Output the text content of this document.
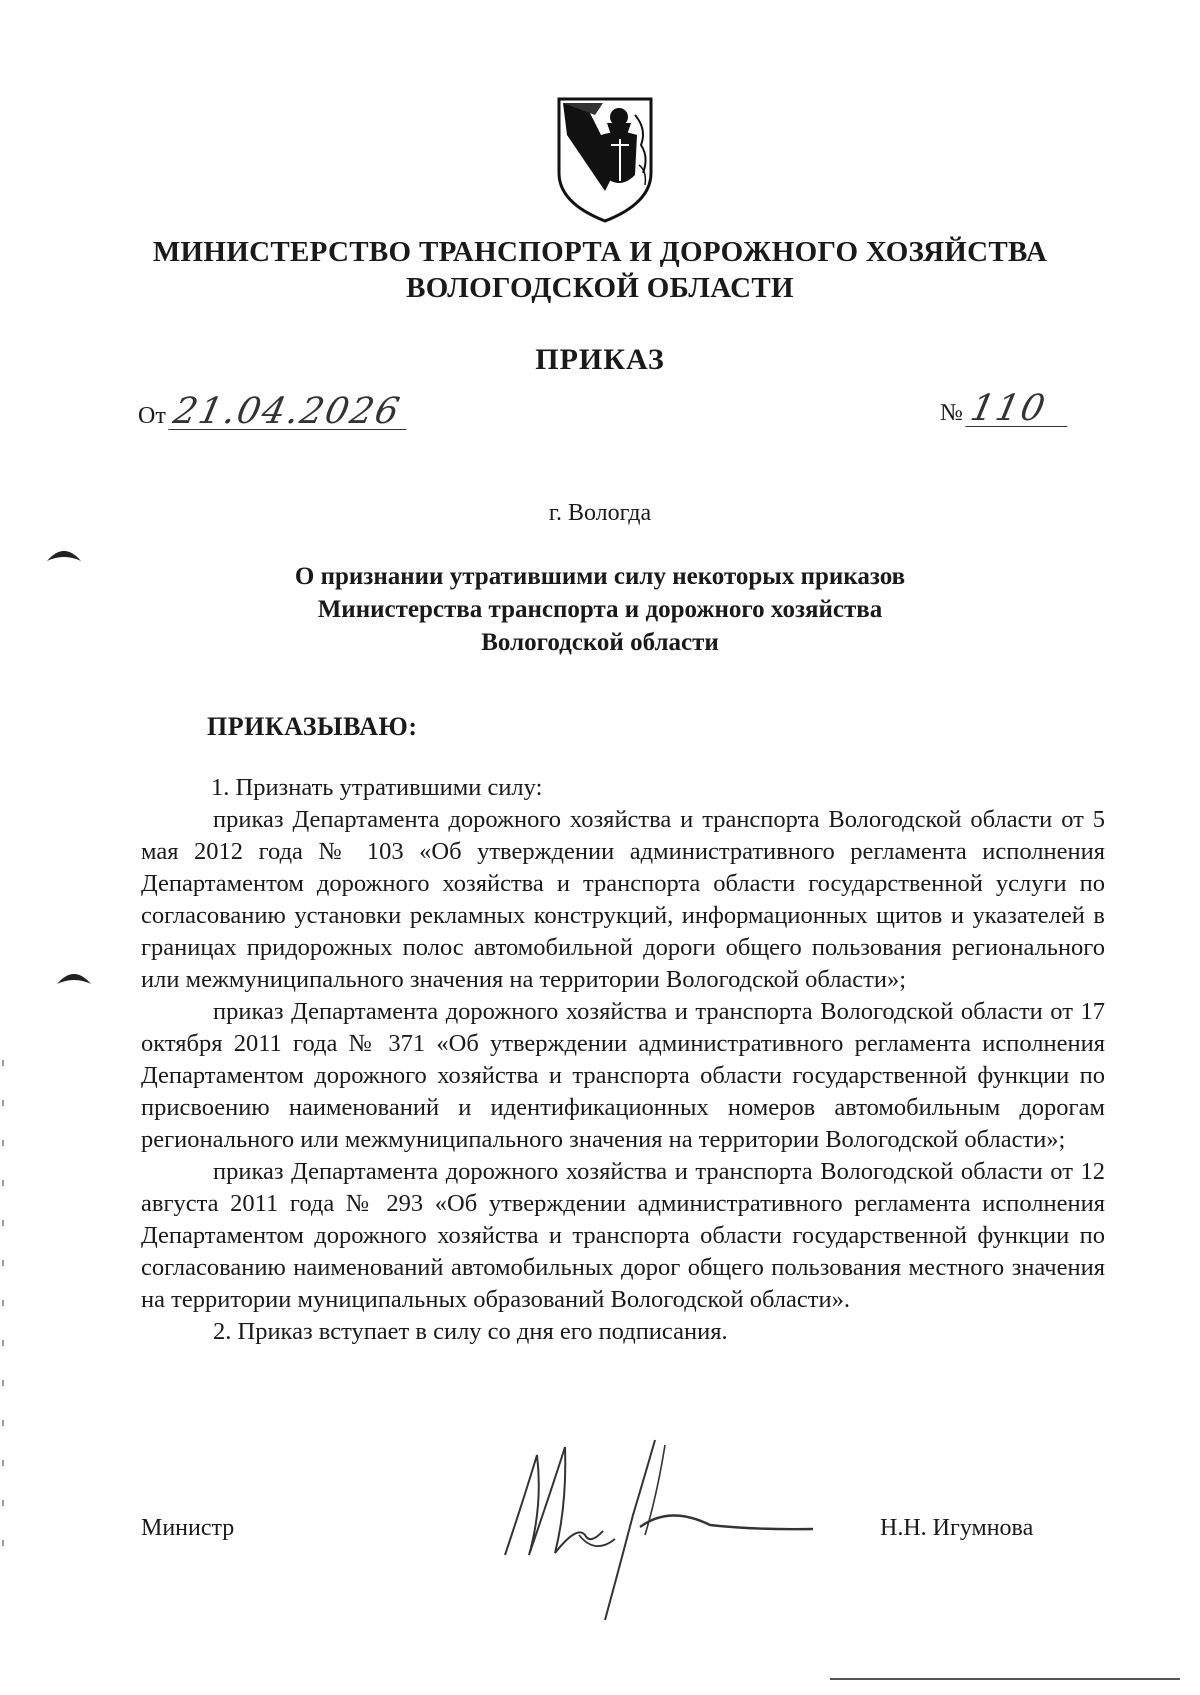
МИНИСТЕРСТВО ТРАНСПОРТА И ДОРОЖНОГО ХОЗЯЙСТВА
ВОЛОГОДСКОЙ ОБЛАСТИ
ПРИКАЗ
От 21.04.2026	№ 110
г. Вологда
О признании утратившими силу некоторых приказов
Министерства транспорта и дорожного хозяйства
Вологодской области
ПРИКАЗЫВАЮ:

1. Признать утратившими силу:

приказ Департамента дорожного хозяйства и транспорта Вологодской области от 5 мая 2012 года № 103 «Об утверждении административного регламента исполнения Департаментом дорожного хозяйства и транспорта области государственной услуги по согласованию установки рекламных конструкций, информационных щитов и указателей в границах придорожных полос автомобильной дороги общего пользования регионального или межмуниципального значения на территории Вологодской области»;

приказ Департамента дорожного хозяйства и транспорта Вологодской области от 17 октября 2011 года № 371 «Об утверждении административного регламента исполнения Департаментом дорожного хозяйства и транспорта области государственной функции по присвоению наименований и идентификационных номеров автомобильным дорогам регионального или межмуниципального значения на территории Вологодской области»;

приказ Департамента дорожного хозяйства и транспорта Вологодской области от 12 августа 2011 года № 293 «Об утверждении административного регламента исполнения Департаментом дорожного хозяйства и транспорта области государственной функции по согласованию наименований автомобильных дорог общего пользования местного значения на территории муниципальных образований Вологодской области».

2. Приказ вступает в силу со дня его подписания.

Министр	Н.Н. Игумнова
